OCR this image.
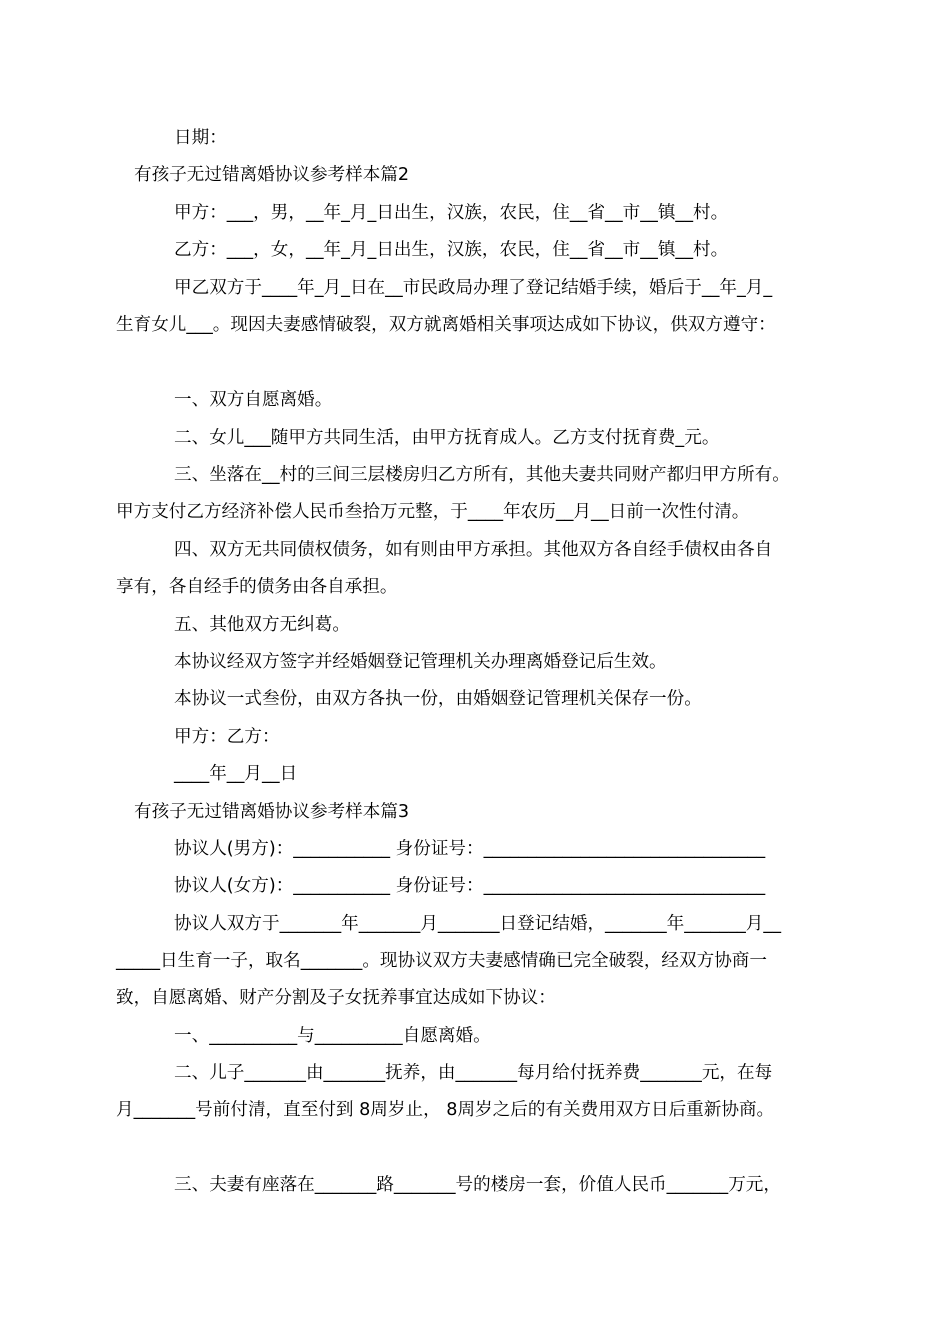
日期：
有孩子无过错离婚协议参考样本篇2
甲方：___，男，__年_月_日出生，汉族，农民，住__省__市__镇__村。
乙方：___，女，__年_月_日出生，汉族，农民，住__省__市__镇__村。
甲乙双方于____年_月_日在__市民政局办理了登记结婚手续，婚后于__年_月_
生育女儿___。现因夫妻感情破裂，双方就离婚相关事项达成如下协议，供双方遵守：
一、双方自愿离婚。
二、女儿___随甲方共同生活，由甲方抚育成人。乙方支付抚育费_元。
三、坐落在__村的三间三层楼房归乙方所有，其他夫妻共同财产都归甲方所有。
甲方支付乙方经济补偿人民币叁拾万元整，于____年农历__月__日前一次性付清。
四、双方无共同债权债务，如有则由甲方承担。其他双方各自经手债权由各自
享有，各自经手的债务由各自承担。
五、其他双方无纠葛。
本协议经双方签字并经婚姻登记管理机关办理离婚登记后生效。
本协议一式叁份，由双方各执一份，由婚姻登记管理机关保存一份。
甲方：乙方：
____年__月__日
有孩子无过错离婚协议参考样本篇3
协议人(男方)：___________ 身份证号：________________________________
协议人(女方)：___________ 身份证号：________________________________
协议人双方于_______年_______月_______日登记结婚，_______年_______月__
_____日生育一子，取名_______。现协议双方夫妻感情确已完全破裂，经双方协商一
致，自愿离婚、财产分割及子女抚养事宜达成如下协议：
一、__________与__________自愿离婚。
二、儿子_______由_______抚养，由_______每月给付抚养费_______元，在每
月_______号前付清，直至付到 8周岁止， 8周岁之后的有关费用双方日后重新协商。
三、夫妻有座落在_______路_______号的楼房一套，价值人民币_______万元，
